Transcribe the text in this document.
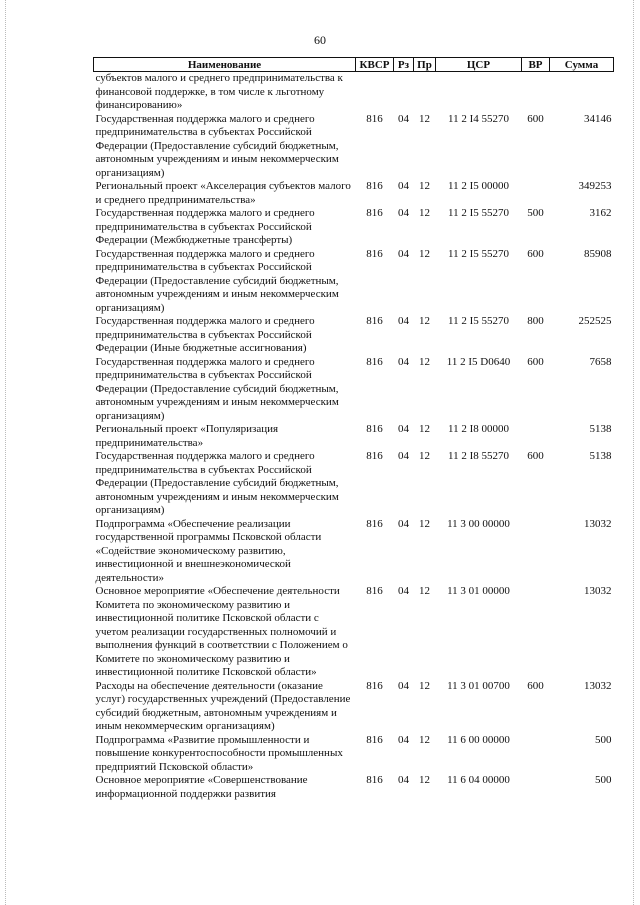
60
Наименование	КВСР	Рз	Пр	ЦСР	ВР	Сумма
субъектов малого и среднего предпринимательства к финансовой поддержке, в том числе к льготному финансированию»						
Государственная поддержка малого и среднего предпринимательства в субъектах Российской Федерации (Предоставление субсидий бюджетным, автономным учреждениям и иным некоммерческим организациям)	816	04	12	11 2 I4 55270	600	34146
Региональный проект «Акселерация субъектов малого и среднего предпринимательства»	816	04	12	11 2 I5 00000		349253
Государственная поддержка малого и среднего предпринимательства в субъектах Российской Федерации (Межбюджетные трансферты)	816	04	12	11 2 I5 55270	500	3162
Государственная поддержка малого и среднего предпринимательства в субъектах Российской Федерации (Предоставление субсидий бюджетным, автономным учреждениям и иным некоммерческим организациям)	816	04	12	11 2 I5 55270	600	85908
Государственная поддержка малого и среднего предпринимательства в субъектах Российской Федерации (Иные бюджетные ассигнования)	816	04	12	11 2 I5 55270	800	252525
Государственная поддержка малого и среднего предпринимательства в субъектах Российской Федерации (Предоставление субсидий бюджетным, автономным учреждениям и иным некоммерческим организациям)	816	04	12	11 2 I5 D0640	600	7658
Региональный проект «Популяризация предпринимательства»	816	04	12	11 2 I8 00000		5138
Государственная поддержка малого и среднего предпринимательства в субъектах Российской Федерации (Предоставление субсидий бюджетным, автономным учреждениям и иным некоммерческим организациям)	816	04	12	11 2 I8 55270	600	5138
Подпрограмма «Обеспечение реализации государственной программы Псковской области «Содействие экономическому развитию, инвестиционной и внешнеэкономической деятельности»	816	04	12	11 3 00 00000		13032
Основное мероприятие «Обеспечение деятельности Комитета по экономическому развитию и инвестиционной политике Псковской области с учетом реализации государственных полномочий и выполнения функций в соответствии с Положением о Комитете по экономическому развитию и инвестиционной политике Псковской области»	816	04	12	11 3 01 00000		13032
Расходы на обеспечение деятельности (оказание услуг) государственных учреждений (Предоставление субсидий бюджетным, автономным учреждениям и иным некоммерческим организациям)	816	04	12	11 3 01 00700	600	13032
Подпрограмма «Развитие промышленности и повышение конкурентоспособности промышленных предприятий Псковской области»	816	04	12	11 6 00 00000		500
Основное мероприятие «Совершенствование информационной поддержки развития	816	04	12	11 6 04 00000		500
